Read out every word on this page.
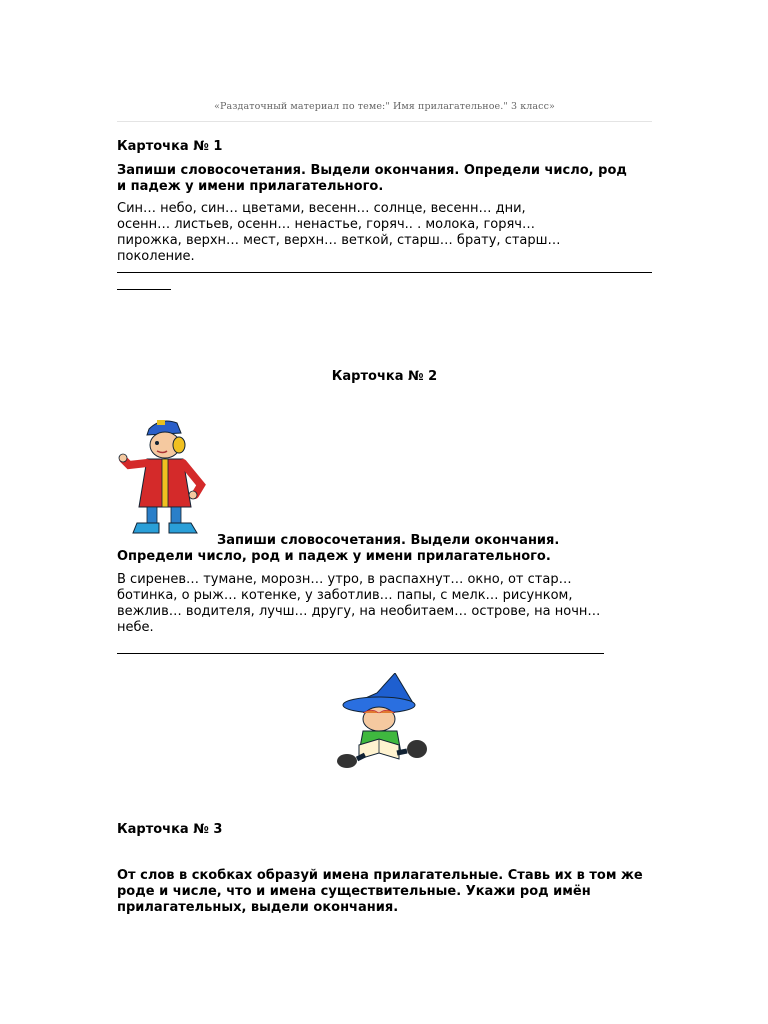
«Раздаточный материал по теме:" Имя прилагательное." 3 класс»
Карточка № 1
Запиши словосочетания. Выдели окончания. Определи число, род и падеж у имени прилагательного.
Син… небо, син… цветами, весенн… солнце, весенн… дни,
осенн… листьев, осенн… ненастье, горяч.. . молока, горяч…
пирожка, верхн… мест, верхн… веткой, старш… брату, старш…
поколение.
Карточка № 2
Запиши словосочетания. Выдели окончания.
Определи число, род и падеж у имени прилагательного.
В сиренев… тумане, морозн… утро, в распахнут… окно, от стар…
ботинка, о рыж… котенке, у заботлив… папы, с мелк… рисунком,
вежлив… водителя, лучш… другу, на необитаем… острове, на ночн…
небе.
Карточка № 3
От слов в скобках образуй имена прилагательные. Ставь их в том же роде и числе, что и имена существительные. Укажи род имён прилагательных, выдели окончания.
